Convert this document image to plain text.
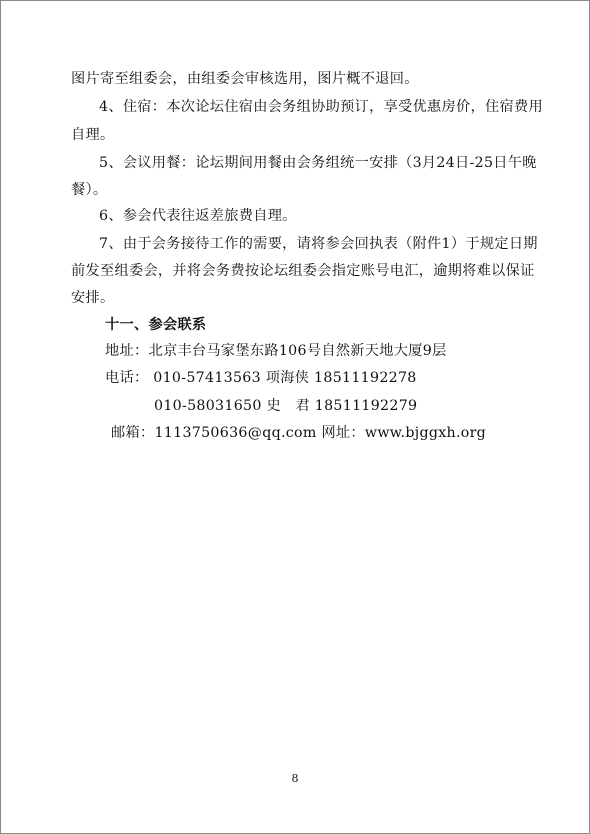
图片寄至组委会，由组委会审核选用，图片概不退回。
4、住宿：本次论坛住宿由会务组协助预订，享受优惠房价，住宿费用
自理。
5、会议用餐：论坛期间用餐由会务组统一安排（3月24日-25日午晚
餐）。
6、参会代表往返差旅费自理。
7、由于会务接待工作的需要，请将参会回执表（附件1）于规定日期
前发至组委会，并将会务费按论坛组委会指定账号电汇，逾期将难以保证
安排。
十一、参会联系
地址：北京丰台马家堡东路106号自然新天地大厦9层
电话： 010-57413563 项海侠 18511192278
010-58031650 史　君 18511192279
邮箱：1113750636@qq.com 网址：www.bjggxh.org
8
